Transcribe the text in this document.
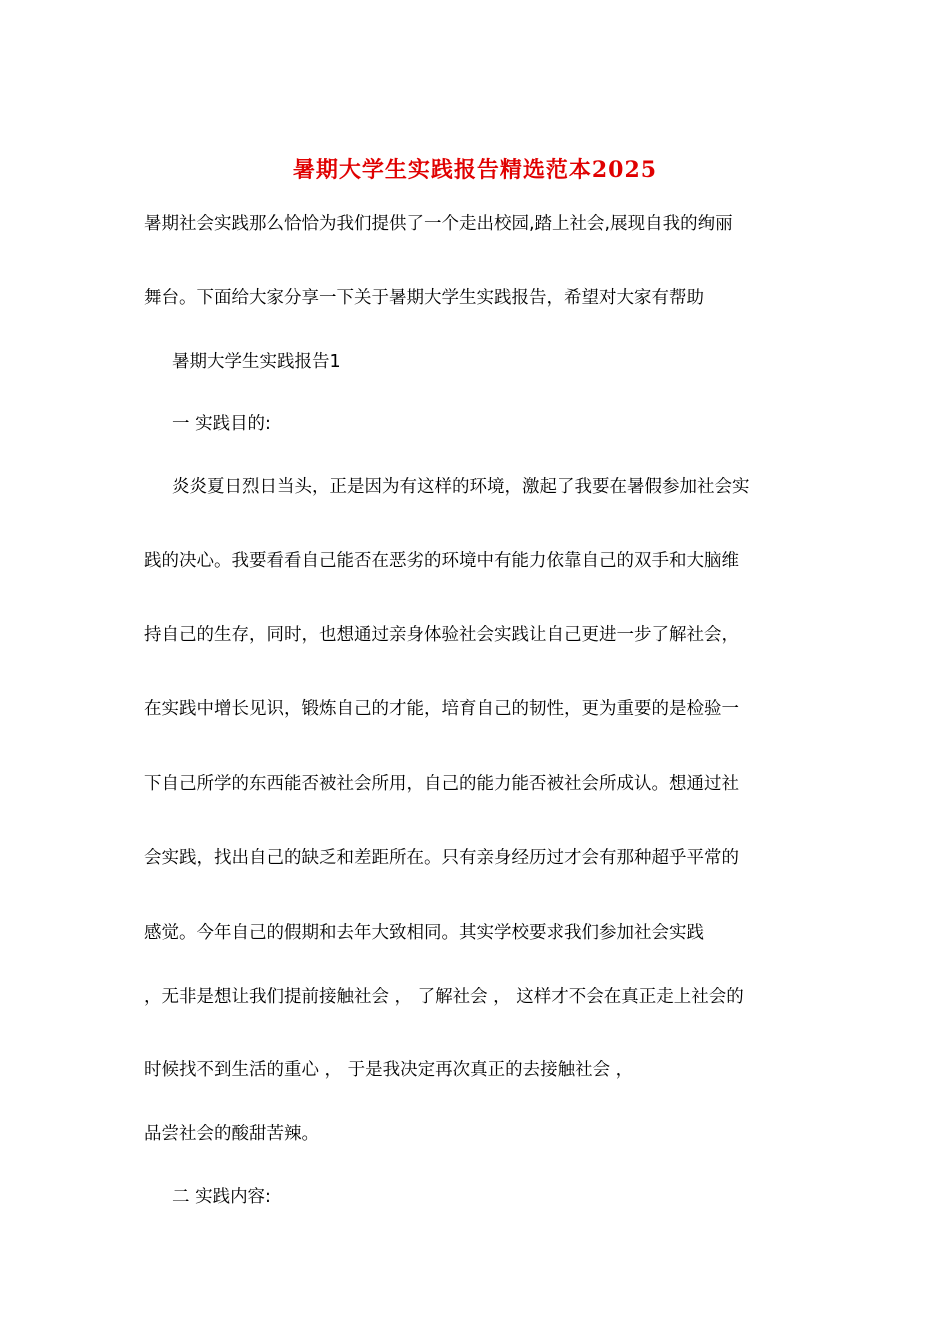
暑期大学生实践报告精选范本2025
暑期社会实践那么恰恰为我们提供了一个走出校园,踏上社会,展现自我的绚丽
舞台。下面给大家分享一下关于暑期大学生实践报告，希望对大家有帮助
暑期大学生实践报告1
一 实践目的:
炎炎夏日烈日当头，正是因为有这样的环境，激起了我要在暑假参加社会实
践的决心。我要看看自己能否在恶劣的环境中有能力依靠自己的双手和大脑维
持自己的生存，同时，也想通过亲身体验社会实践让自己更进一步了解社会，
在实践中增长见识，锻炼自己的才能，培育自己的韧性，更为重要的是检验一
下自己所学的东西能否被社会所用，自己的能力能否被社会所成认。想通过社
会实践，找出自己的缺乏和差距所在。只有亲身经历过才会有那种超乎平常的
感觉。今年自己的假期和去年大致相同。其实学校要求我们参加社会实践
，无非是想让我们提前接触社会 ， 了解社会 ， 这样才不会在真正走上社会的
时候找不到生活的重心 ， 于是我决定再次真正的去接触社会 ，
品尝社会的酸甜苦辣。
二 实践内容:
